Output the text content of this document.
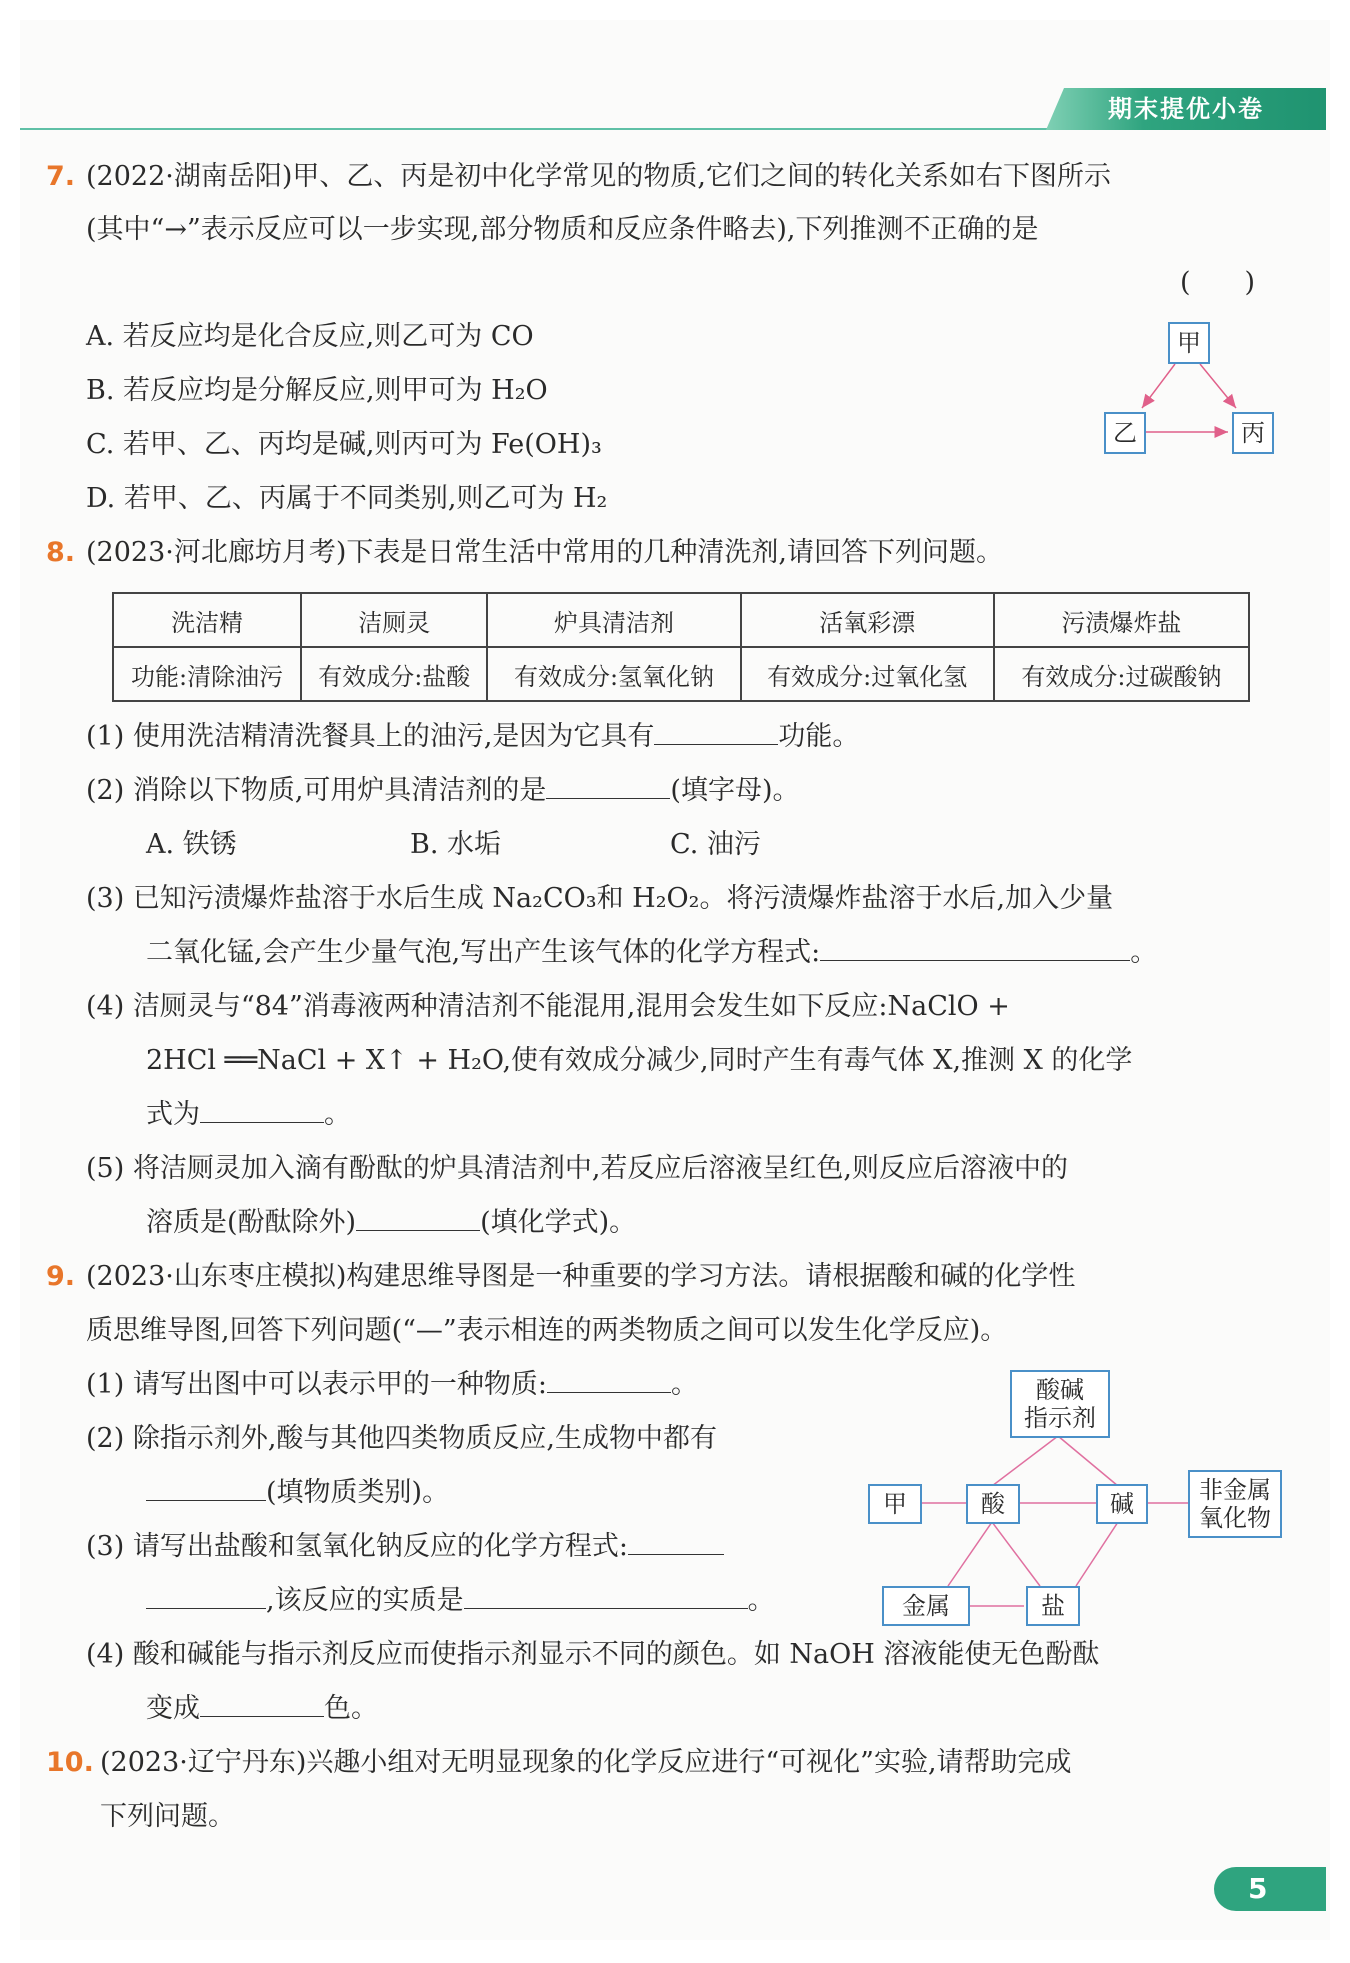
期末提优小卷
7. (2022·湖南岳阳)甲、乙、丙是初中化学常见的物质,它们之间的转化关系如右下图所示
(其中“→”表示反应可以一步实现,部分物质和反应条件略去),下列推测不正确的是
(　　)
A. 若反应均是化合反应,则乙可为 CO
B. 若反应均是分解反应,则甲可为 H₂O
C. 若甲、乙、丙均是碱,则丙可为 Fe(OH)₃
D. 若甲、乙、丙属于不同类别,则乙可为 H₂
甲
乙	丙
8. (2023·河北廊坊月考)下表是日常生活中常用的几种清洗剂,请回答下列问题。
洗洁精	洁厕灵	炉具清洁剂	活氧彩漂	污渍爆炸盐
功能:清除油污	有效成分:盐酸	有效成分:氢氧化钠	有效成分:过氧化氢	有效成分:过碳酸钠
(1) 使用洗洁精清洗餐具上的油污,是因为它具有	功能。
(2) 消除以下物质,可用炉具清洁剂的是	(填字母)。
A. 铁锈	B. 水垢	C. 油污
(3) 已知污渍爆炸盐溶于水后生成 Na₂CO₃和 H₂O₂。将污渍爆炸盐溶于水后,加入少量
二氧化锰,会产生少量气泡,写出产生该气体的化学方程式:	。
(4) 洁厕灵与“84”消毒液两种清洁剂不能混用,混用会发生如下反应:NaClO +
2HCl ══NaCl + X↑ + H₂O,使有效成分减少,同时产生有毒气体 X,推测 X 的化学
式为	。
(5) 将洁厕灵加入滴有酚酞的炉具清洁剂中,若反应后溶液呈红色,则反应后溶液中的
溶质是(酚酞除外)	(填化学式)。
9. (2023·山东枣庄模拟)构建思维导图是一种重要的学习方法。请根据酸和碱的化学性
质思维导图,回答下列问题(“—”表示相连的两类物质之间可以发生化学反应)。
(1) 请写出图中可以表示甲的一种物质:	。
(2) 除指示剂外,酸与其他四类物质反应,生成物中都有
(填物质类别)。
(3) 请写出盐酸和氢氧化钠反应的化学方程式:
,该反应的实质是	。
(4) 酸和碱能与指示剂反应而使指示剂显示不同的颜色。如 NaOH 溶液能使无色酚酞
变成	色。
酸碱
指示剂
甲	酸	碱	非金属
氧化物
金属	盐
10. (2023·辽宁丹东)兴趣小组对无明显现象的化学反应进行“可视化”实验,请帮助完成
下列问题。
5
